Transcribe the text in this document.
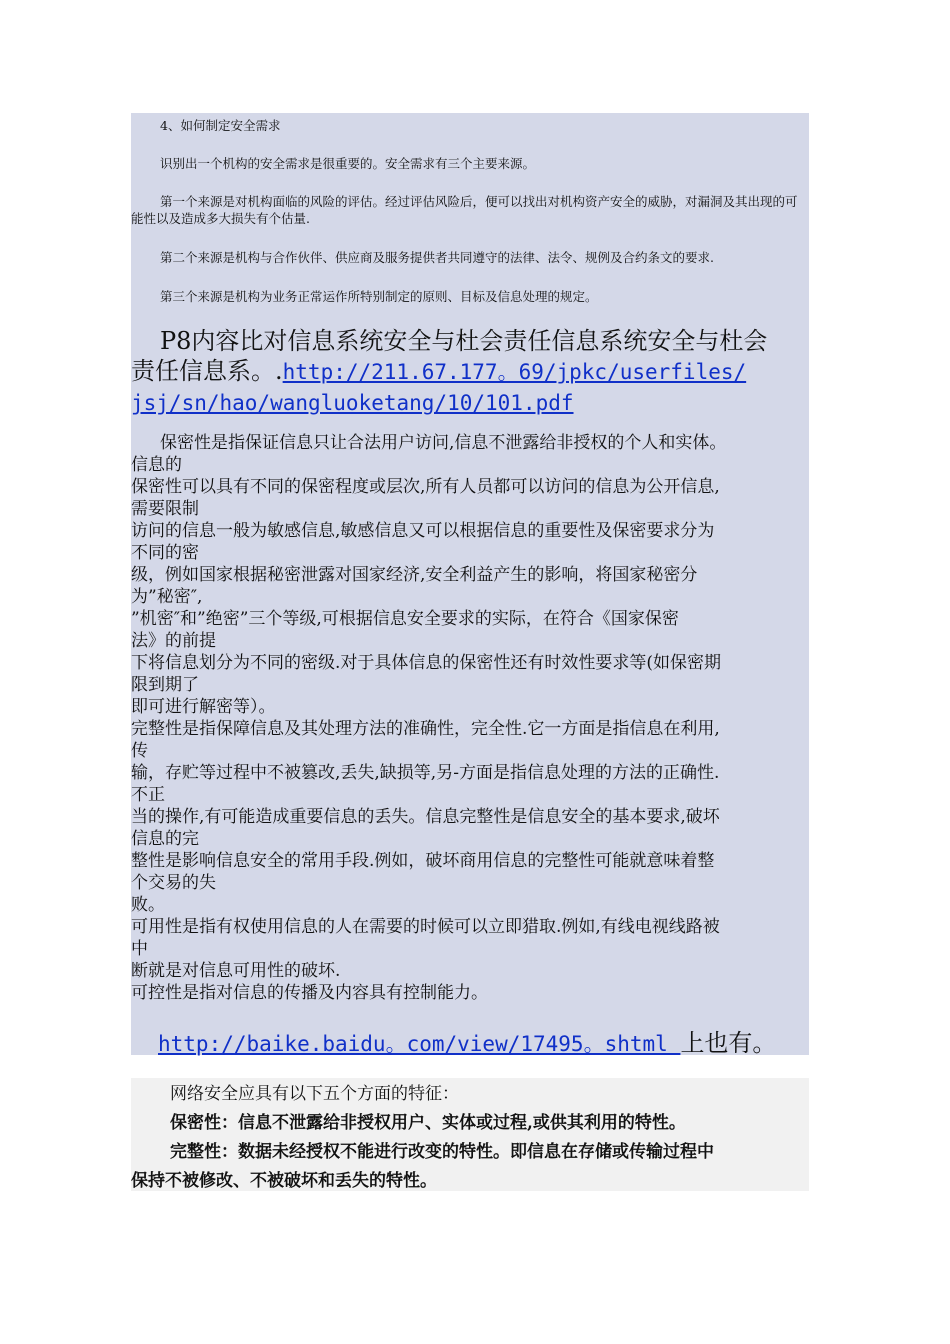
4、如何制定安全需求

识别出一个机构的安全需求是很重要的。安全需求有三个主要来源。

第一个来源是对机构面临的风险的评估。经过评估风险后，便可以找出对机构资产安全的威胁，对漏洞及其出现的可能性以及造成多大损失有个估量.

第二个来源是机构与合作伙伴、供应商及服务提供者共同遵守的法律、法令、规例及合约条文的要求.

第三个来源是机构为业务正常运作所特别制定的原则、目标及信息处理的规定。

P8内容比对信息系统安全与杜会责任信息系统安全与杜会
责任信息系。.http://211.67.177。69/jpkc/userfiles/
jsj/sn/hao/wangluoketang/10/101.pdf
保密性是指保证信息只让合法用户访问,信息不泄露给非授权的个人和实体。
信息的
保密性可以具有不同的保密程度或层次,所有人员都可以访问的信息为公开信息,
需要限制
访问的信息一般为敏感信息,敏感信息又可以根据信息的重要性及保密要求分为
不同的密
级，例如国家根据秘密泄露对国家经济,安全利益产生的影响，将国家秘密分
为”秘密″,
”机密″和”绝密”三个等级,可根据信息安全要求的实际，在符合《国家保密
法》的前提
下将信息划分为不同的密级.对于具体信息的保密性还有时效性要求等(如保密期
限到期了
即可进行解密等）。
完整性是指保障信息及其处理方法的准确性，完全性.它一方面是指信息在利用,
传
输，存贮等过程中不被篡改,丢失,缺损等,另-方面是指信息处理的方法的正确性.
不正
当的操作,有可能造成重要信息的丢失。信息完整性是信息安全的基本要求,破坏
信息的完
整性是影响信息安全的常用手段.例如，破坏商用信息的完整性可能就意味着整
个交易的失
败。
可用性是指有权使用信息的人在需要的时候可以立即猎取.例如,有线电视线路被
中
断就是对信息可用性的破坏.
可控性是指对信息的传播及内容具有控制能力。

http://baike.baidu。com/view/17495。shtml 上也有。

网络安全应具有以下五个方面的特征：

保密性：信息不泄露给非授权用户、实体或过程,或供其利用的特性。

完整性：数据未经授权不能进行改变的特性。即信息在存储或传输过程中

保持不被修改、不被破坏和丢失的特性。
